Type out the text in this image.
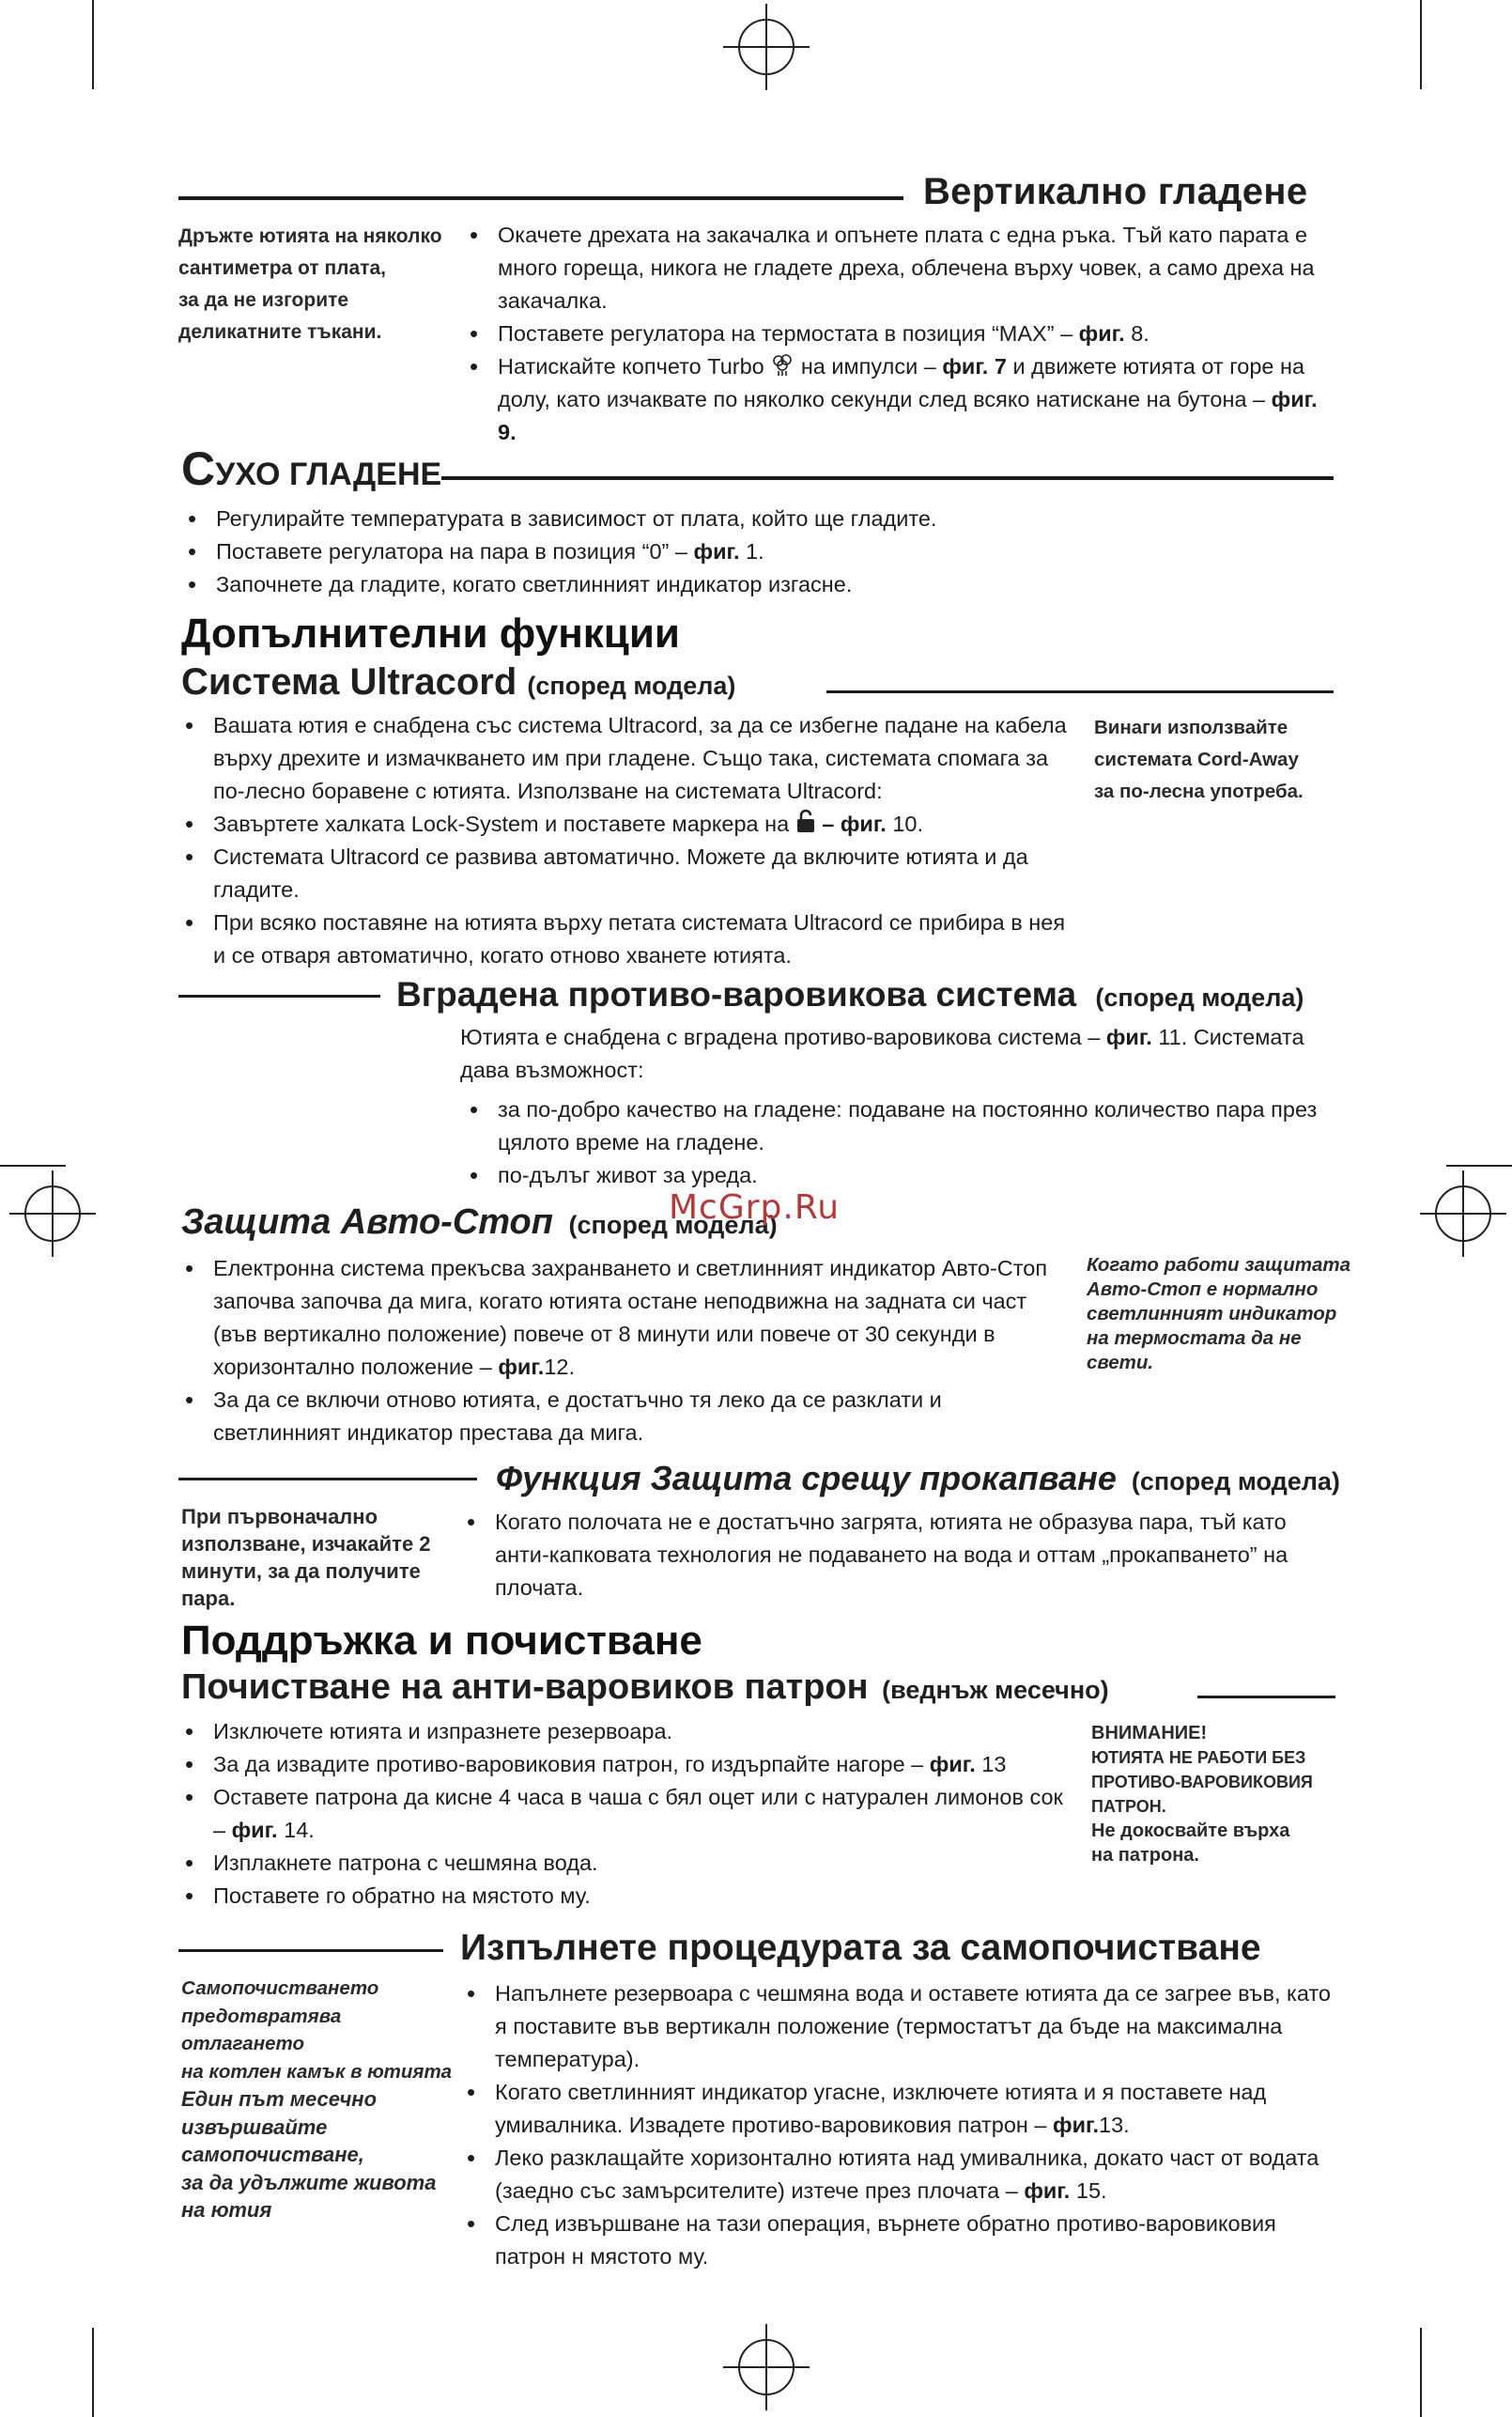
Вертикално гладене
Дръжте ютията на няколко
сантиметра от плата,
за да не изгорите
деликатните тъкани.
• Окачете дрехата на закачалка и опънете плата с една ръка. Тъй като парата е много гореща, никога не гладете дреха, облечена върху човек, а само дреха на закачалка.
• Поставете регулатора на термостата в позиция “MAX” – фиг. 8.
• Натискайте копчето Turbo на импулси – фиг. 7 и движете ютията от горе на долу, като изчаквате по няколко секунди след всяко натискане на бутона – фиг. 9.
СУХО ГЛАДЕНЕ
• Регулирайте температурата в зависимост от плата, който ще гладите.
• Поставете регулатора на пара в позиция “0” – фиг. 1.
• Започнете да гладите, когато светлинният индикатор изгасне.
Допълнителни функции
Система Ultracord (според модела)
• Вашата ютия е снабдена със система Ultracord, за да се избегне падане на кабела върху дрехите и измачкването им при гладене. Също така, системата спомага за по-лесно боравене с ютията. Използване на системата Ultracord:
• Завъртете халката Lock-System и поставете маркера на – фиг. 10.
• Системата Ultracord се развива автоматично. Можете да включите ютията и да гладите.
• При всяко поставяне на ютията върху петата системата Ultracord се прибира в нея и се отваря автоматично, когато отново хванете ютията.
Винаги използвайте
системата Cord-Away
за по-лесна употреба.
Вградена противо-варовикова система (според модела)
Ютията е снабдена с вградена противо-варовикова система – фиг. 11. Системата дава възможност:
• за по-добро качество на гладене: подаване на постоянно количество пара през цялото време на гладене.
• по-дълъг живот за уреда.
Защита Авто-Стоп (според модела)
McGrp.Ru
• Електронна система прекъсва захранването и светлинният индикатор Авто-Стоп започва започва да мига, когато ютията остане неподвижна на задната си част (във вертикално положение) повече от 8 минути или повече от 30 секунди в хоризонтално положение – фиг.12.
• За да се включи отново ютията, е достатъчно тя леко да се разклати и светлинният индикатор престава да мига.
Когато работи защитата
Авто-Стоп е нормално
светлинният индикатор
на термостата да не
свети.
Функция Защита срещу прокапване (според модела)
При първоначално
използване, изчакайте 2
минути, за да получите
пара.
• Когато полочата не е достатъчно загрята, ютията не образува пара, тъй като анти-капковата технология не подаването на вода и оттам „прокапването” на плочата.
Поддръжка и почистване
Почистване на анти-варовиков патрон (веднъж месечно)
• Изключете ютията и изпразнете резервоара.
• За да извадите противо-варовиковия патрон, го издърпайте нагоре – фиг. 13
• Оставете патрона да кисне 4 часа в чаша с бял оцет или с натурален лимонов сок – фиг. 14.
• Изплакнете патрона с чешмяна вода.
• Поставете го обратно на мястото му.
ВНИМАНИЕ!
ЮТИЯТА НЕ РАБОТИ БЕЗ
ПРОТИВО-ВАРОВИКОВИЯ
ПАТРОН.
Не докосвайте върха
на патрона.
Изпълнете процедурата за самопочистване
Самопочистването
предотвратява отлагането
на котлен камък в ютията
Един път месечно
извършвайте
самопочистване,
за да удължите живота
на ютия
• Напълнете резервоара с чешмяна вода и оставете ютията да се загрее във, като я поставите във вертикалн положение (термостатът да бъде на максимална температура).
• Когато светлинният индикатор угасне, изключете ютията и я поставете над умивалника. Извадете противо-варовиковия патрон – фиг.13.
• Леко разклащайте хоризонтално ютията над умивалника, докато част от водата (заедно със замърсителите) изтече през плочата – фиг. 15.
• След извършване на тази операция, върнете обратно противо-варовиковия патрон н мястото му.
